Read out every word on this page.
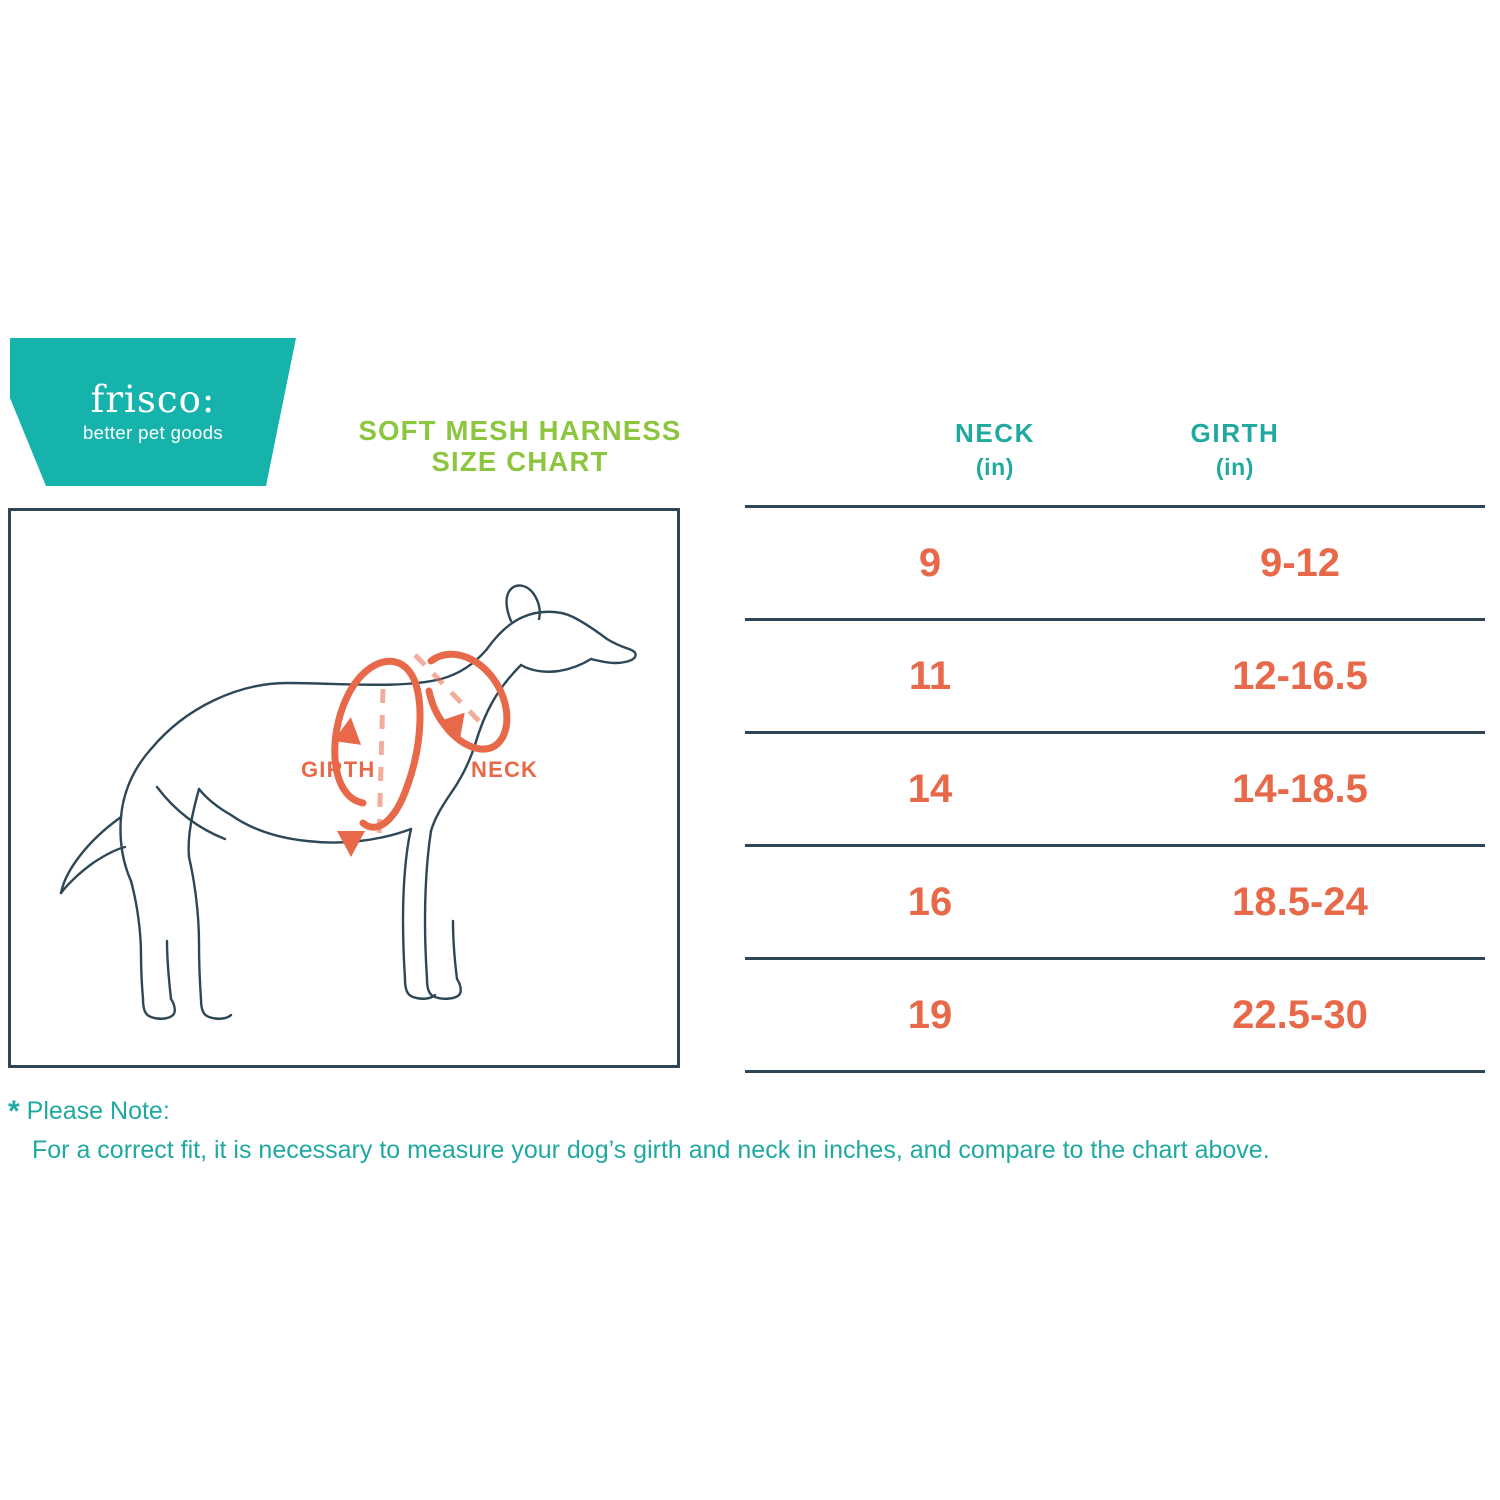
frisco:
better pet goods	SOFT MESH HARNESS
SIZE CHART
GIRTH	NECK
NECK
(in)
GIRTH
(in)
9	9-12
11	12-16.5
14	14-18.5
16	18.5-24
19	22.5-30
* Please Note:
For a correct fit, it is necessary to measure your dog’s girth and neck in inches, and compare to the chart above.
